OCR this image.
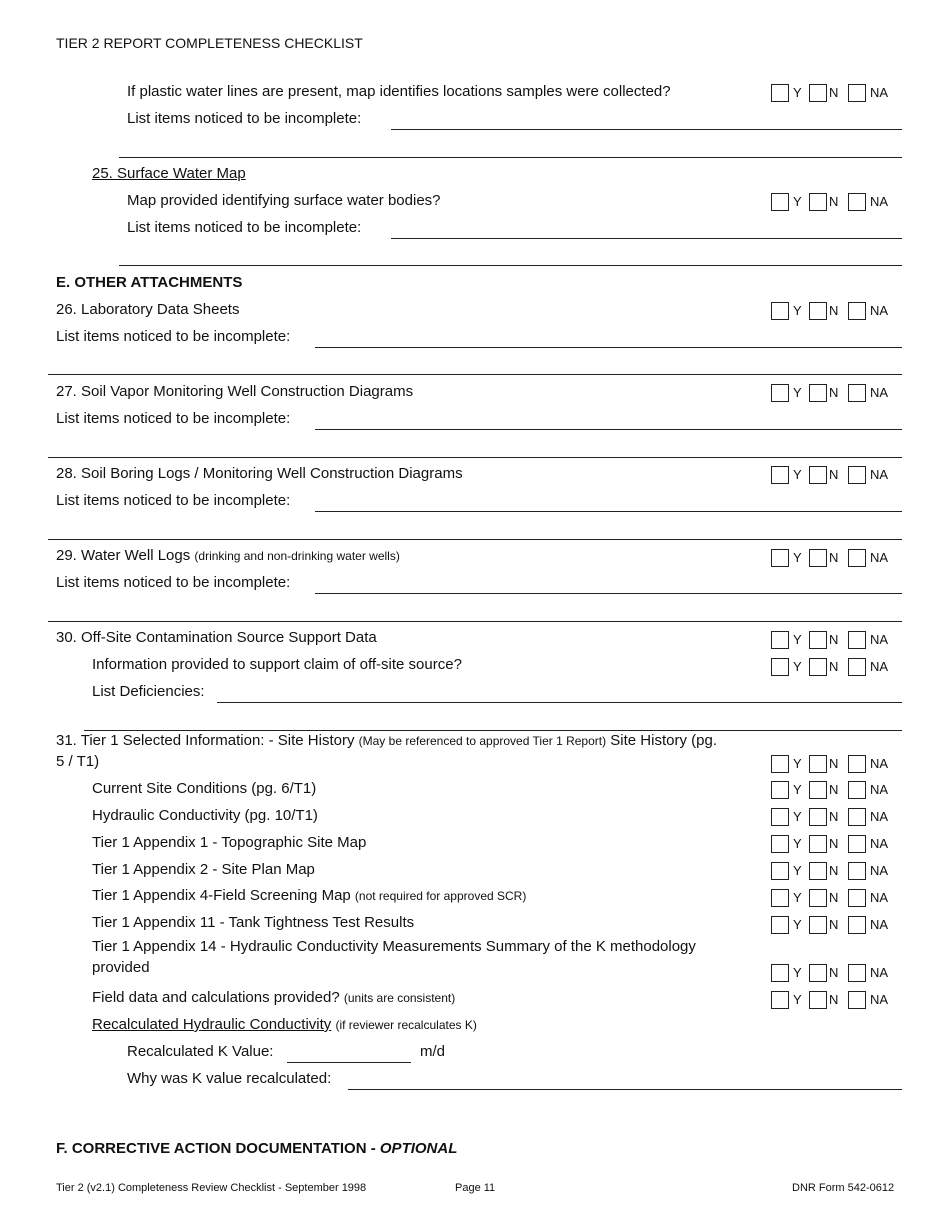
TIER 2 REPORT COMPLETENESS CHECKLIST
If plastic water lines are present, map identifies locations samples were collected?	Y N NA
List items noticed to be incomplete:
25. Surface Water Map
Map provided identifying surface water bodies?	Y N NA
List items noticed to be incomplete:
E. OTHER ATTACHMENTS
26. Laboratory Data Sheets	Y N NA
List items noticed to be incomplete:
27. Soil Vapor Monitoring Well Construction Diagrams	Y N NA
List items noticed to be incomplete:
28. Soil Boring Logs / Monitoring Well Construction Diagrams	Y N NA
List items noticed to be incomplete:
29. Water Well Logs (drinking and non-drinking water wells)	Y N NA
List items noticed to be incomplete:
30. Off-Site Contamination Source Support Data	Y N NA
Information provided to support claim of off-site source?	Y N NA
List Deficiencies:
31. Tier 1 Selected Information: - Site History (May be referenced to approved Tier 1 Report) Site History (pg.
5 / T1)	Y N NA
Current Site Conditions (pg. 6/T1)	Y N NA
Hydraulic Conductivity (pg. 10/T1)	Y N NA
Tier 1 Appendix 1 - Topographic Site Map	Y N NA
Tier 1 Appendix 2 - Site Plan Map	Y N NA
Tier 1 Appendix 4-Field Screening Map (not required for approved SCR)	Y N NA
Tier 1 Appendix 11 - Tank Tightness Test Results	Y N NA
Tier 1 Appendix 14 - Hydraulic Conductivity Measurements Summary of the K methodology
provided	Y N NA
Field data and calculations provided? (units are consistent)	Y N NA
Recalculated Hydraulic Conductivity (if reviewer recalculates K)
Recalculated K Value:	m/d
Why was K value recalculated:
F. CORRECTIVE ACTION DOCUMENTATION - OPTIONAL
Tier 2 (v2.1) Completeness Review Checklist - September 1998	Page 11	DNR Form 542-0612
